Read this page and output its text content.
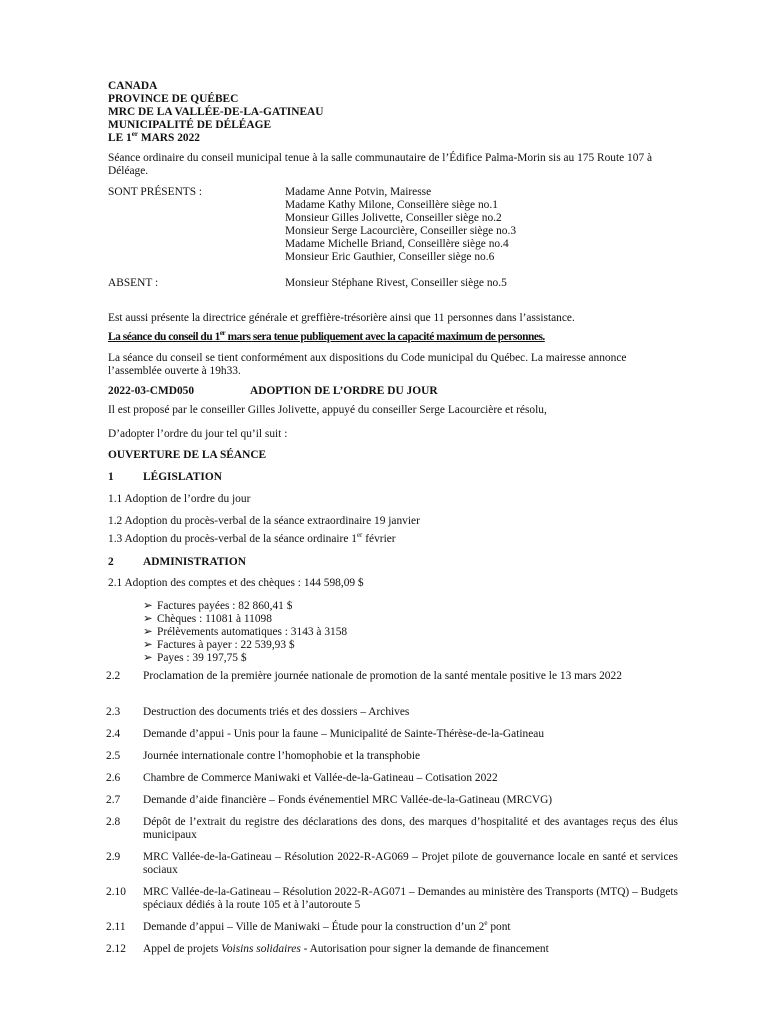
CANADA
PROVINCE DE QUÉBEC
MRC DE LA VALLÉE-DE-LA-GATINEAU
MUNICIPALITÉ DE DÉLÉAGE
LE 1er MARS 2022
Séance ordinaire du conseil municipal tenue à la salle communautaire de l’Édifice Palma-Morin sis au 175 Route 107 à Déléage.
SONT PRÉSENTS :	Madame Anne Potvin, Mairesse
Madame Kathy Milone, Conseillère siège no.1
Monsieur Gilles Jolivette, Conseiller siège no.2
Monsieur Serge Lacourcière, Conseiller siège no.3
Madame Michelle Briand, Conseillère siège no.4
Monsieur Eric Gauthier, Conseiller siège no.6
ABSENT :	Monsieur Stéphane Rivest, Conseiller siège no.5
Est aussi présente la directrice générale et greffière-trésorière ainsi que 11 personnes dans l’assistance.
La séance du conseil du 1er mars sera tenue publiquement avec la capacité maximum de personnes.
La séance du conseil se tient conformément aux dispositions du Code municipal du Québec. La mairesse annonce l’assemblée ouverte à 19h33.
2022-03-CMD050	ADOPTION DE L’ORDRE DU JOUR
Il est proposé par le conseiller Gilles Jolivette, appuyé du conseiller Serge Lacourcière et résolu,
D’adopter l’ordre du jour tel qu’il suit :
OUVERTURE DE LA SÉANCE
1	LÉGISLATION
1.1 Adoption de l’ordre du jour
1.2 Adoption du procès-verbal de la séance extraordinaire 19 janvier
1.3 Adoption du procès-verbal de la séance ordinaire 1er février
2	ADMINISTRATION
2.1 Adoption des comptes et des chèques : 144 598,09 $
➢ Factures payées : 82 860,41 $
➢ Chèques : 11081 à 11098
➢ Prélèvements automatiques : 3143 à 3158
➢ Factures à payer : 22 539,93 $
➢ Payes : 39 197,75 $
2.2 Proclamation de la première journée nationale de promotion de la santé mentale positive le 13 mars 2022
2.3 Destruction des documents triés et des dossiers – Archives
2.4 Demande d’appui - Unis pour la faune – Municipalité de Sainte-Thérèse-de-la-Gatineau
2.5 Journée internationale contre l’homophobie et la transphobie
2.6 Chambre de Commerce Maniwaki et Vallée-de-la-Gatineau – Cotisation 2022
2.7 Demande d’aide financière – Fonds événementiel MRC Vallée-de-la-Gatineau (MRCVG)
2.8 Dépôt de l’extrait du registre des déclarations des dons, des marques d’hospitalité et des avantages reçus des élus municipaux
2.9 MRC Vallée-de-la-Gatineau – Résolution 2022-R-AG069 – Projet pilote de gouvernance locale en santé et services sociaux
2.10 MRC Vallée-de-la-Gatineau – Résolution 2022-R-AG071 – Demandes au ministère des Transports (MTQ) – Budgets spéciaux dédiés à la route 105 et à l’autoroute 5
2.11 Demande d’appui – Ville de Maniwaki – Étude pour la construction d’un 2e pont
2.12 Appel de projets Voisins solidaires - Autorisation pour signer la demande de financement
